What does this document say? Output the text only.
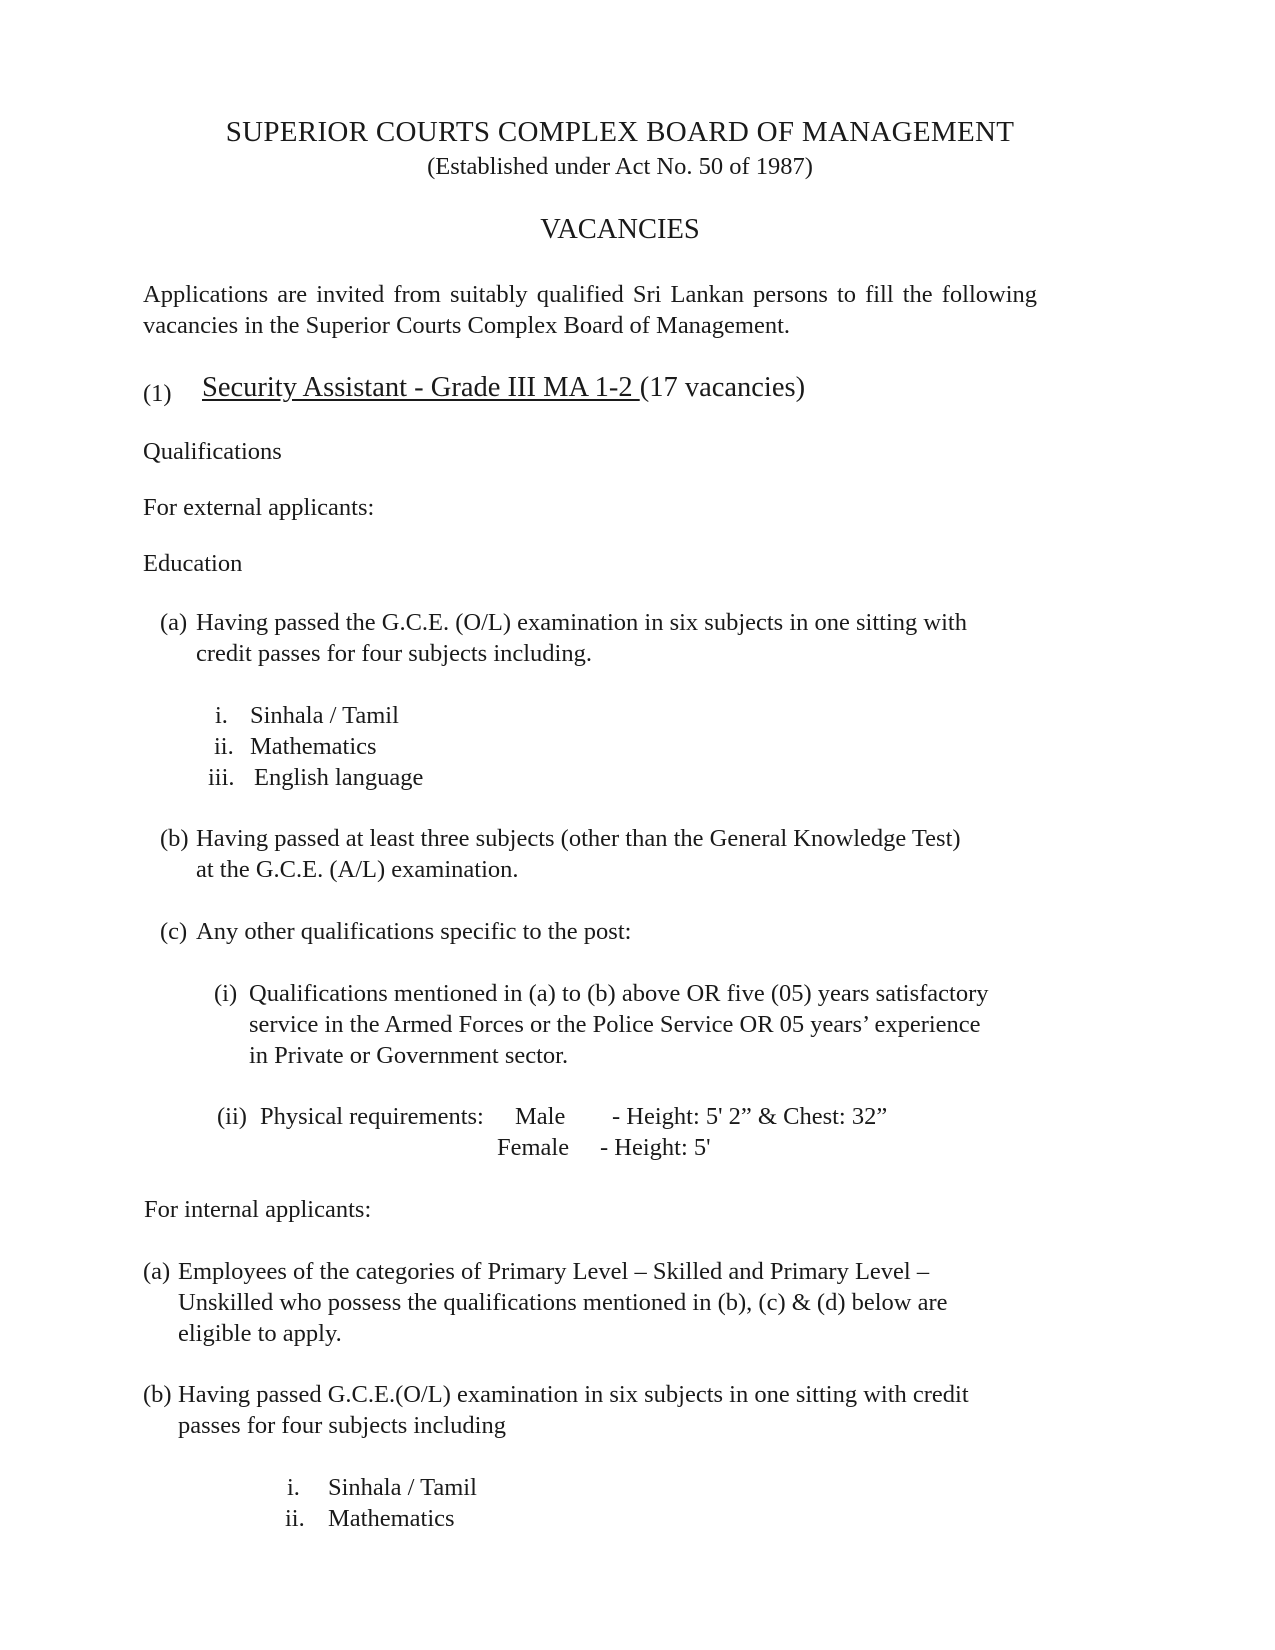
SUPERIOR COURTS COMPLEX BOARD OF MANAGEMENT
(Established under Act No. 50 of 1987)
VACANCIES
Applications are invited from suitably qualified Sri Lankan persons to fill the following vacancies in the Superior Courts Complex Board of Management.
(1) Security Assistant - Grade III MA 1-2 (17 vacancies)
Qualifications
For external applicants:
Education
(a) Having passed the G.C.E. (O/L) examination in six subjects in one sitting with
credit passes for four subjects including.
i. Sinhala / Tamil
ii. Mathematics
iii. English language
(b) Having passed at least three subjects (other than the General Knowledge Test)
at the G.C.E. (A/L) examination.
(c) Any other qualifications specific to the post:
(i) Qualifications mentioned in (a) to (b) above OR five (05) years satisfactory
service in the Armed Forces or the Police Service OR 05 years’ experience
in Private or Government sector.
(ii) Physical requirements: Male - Height: 5' 2” & Chest: 32”
Female - Height: 5'
For internal applicants:
(a) Employees of the categories of Primary Level – Skilled and Primary Level –
Unskilled who possess the qualifications mentioned in (b), (c) & (d) below are
eligible to apply.
(b) Having passed G.C.E.(O/L) examination in six subjects in one sitting with credit
passes for four subjects including
i. Sinhala / Tamil
ii. Mathematics
